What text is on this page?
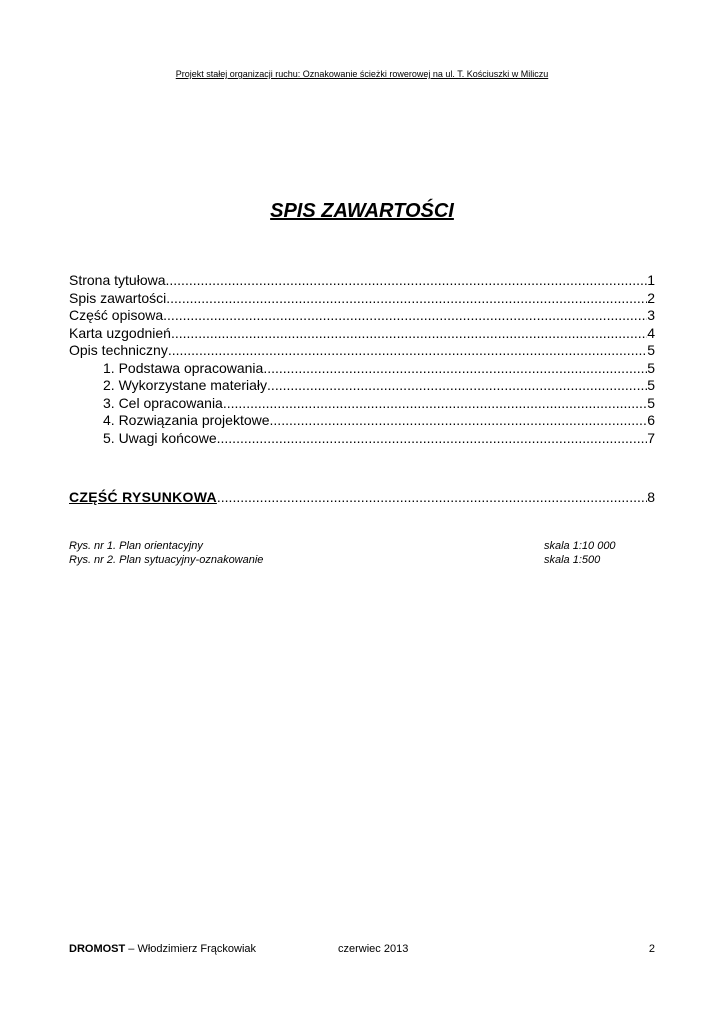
Projekt stałej organizacji ruchu: Oznakowanie ścieżki rowerowej na ul. T. Kościuszki w Miliczu
SPIS ZAWARTOŚCI
Strona tytułowa .....	1
Spis zawartości .....	2
Część opisowa .....	3
Karta uzgodnień .....	4
Opis techniczny .....	5
1. Podstawa opracowania .....	5
2. Wykorzystane materiały .....	5
3. Cel opracowania .....	5
4. Rozwiązania projektowe .....	6
5. Uwagi końcowe .....	7
CZĘŚĆ RYSUNKOWA .....	8
Rys. nr 1. Plan orientacyjny	skala 1:10 000
Rys. nr 2. Plan sytuacyjny-oznakowanie	skala 1:500
DROMOST – Włodzimierz Frąckowiak	czerwiec 2013	2
